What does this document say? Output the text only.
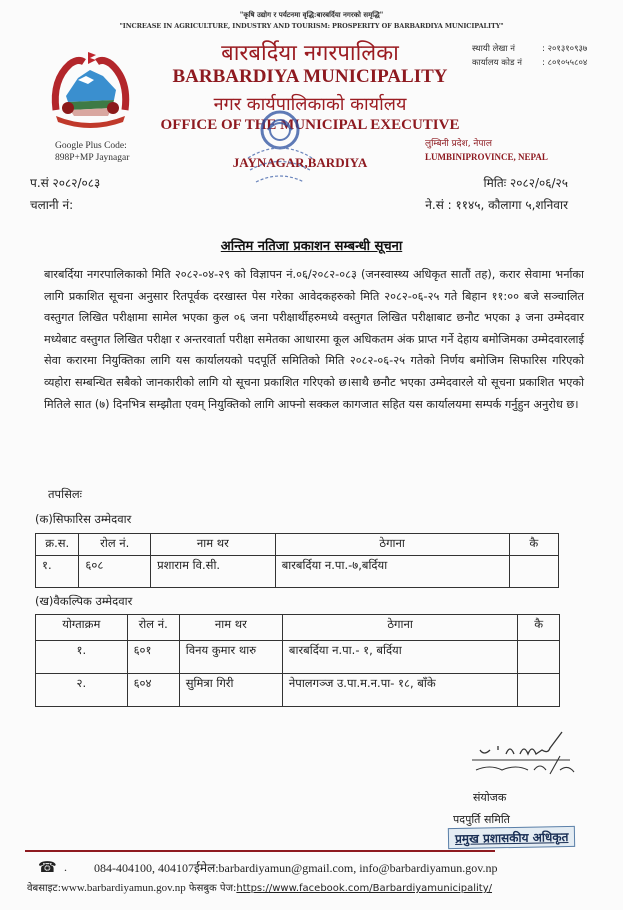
"कृषि उद्योग र पर्यटनमा वृद्धि:बारबर्दिया नगरको समृद्धि"
"INCREASE IN AGRICULTURE, INDUSTRY AND TOURISM: PROSPERITY OF BARBARDIYA MUNICIPALITY"
बारबर्दिया नगरपालिका
BARBARDIYA MUNICIPALITY
नगर कार्यपालिकाको कार्यालय
OFFICE OF THE MUNICIPAL EXECUTIVE
JAYNAGAR,BARDIYA
स्थायी लेखा नं	: २०१३१०९३७
कार्यालय कोड नं	: ८०१०५५८०४
Google Plus Code:
898P+MP Jaynagar
लुम्बिनी प्रदेश, नेपाल
LUMBINIPROVINCE, NEPAL
प.सं २०८२/०८३
चलानी नं:
मितिः २०८२/०६/२५
ने.सं : ११४५, कौलागा ५,शनिवार
अन्तिम नतिजा प्रकाशन सम्बन्धी सूचना
बारबर्दिया नगरपालिकाको मिति २०८२-०४-२९ को विज्ञापन नं.०६/२०८२-०८३ (जनस्वास्थ्य अधिकृत सातौं तह), करार सेवामा भर्नाका लागि प्रकाशित सूचना अनुसार रितपूर्वक दरखास्त पेस गरेका आवेदकहरुको मिति २०८२-०६-२५ गते बिहान ११:०० बजे सञ्चालित वस्तुगत लिखित परीक्षामा सामेल भएका कुल ०६ जना परीक्षार्थीहरुमध्ये वस्तुगत लिखित परीक्षाबाट छनौट भएका ३ जना उम्मेदवार मध्येबाट वस्तुगत लिखित परीक्षा र अन्तरवार्ता परीक्षा समेतका आधारमा कूल अधिकतम अंक प्राप्त गर्ने देहाय बमोजिमका उम्मेदवारलाई सेवा करारमा नियुक्तिका लागि यस कार्यालयको पदपूर्ति समितिको मिति २०८२-०६-२५ गतेको निर्णय बमोजिम सिफारिस गरिएको व्यहोरा सम्बन्धित सबैको जानकारीको लागि यो सूचना प्रकाशित गरिएको छ।साथै छनौट भएका उम्मेदवारले यो सूचना प्रकाशित भएको मितिले सात (७) दिनभित्र सम्झौता एवम् नियुक्तिको लागि आफ्नो सक्कल कागजात सहित यस कार्यालयमा सम्पर्क गर्नुहुन अनुरोध छ।
तपसिलः
(क)सिफारिस उम्मेदवार
क्र.स.	रोल नं.	नाम थर	ठेगाना	कै
१.	६०८	प्रशाराम वि.सी.	बारबर्दिया न.पा.-७,बर्दिया	
(ख)वैकल्पिक उम्मेदवार
योग्ताक्रम	रोल नं.	नाम थर	ठेगाना	कै
१.	६०१	विनय कुमार थारु	बारबर्दिया न.पा.- १, बर्दिया	
२.	६०४	सुमित्रा गिरी	नेपालगञ्ज उ.पा.म.न.पा- १८, बाँके	
संयोजक
पदपुर्ति समिति
प्रमुख प्रशासकीय अधिकृत
☎ .	084-404100, 404107ईमेल:barbardiyamun@gmail.com, info@barbardiyamun.gov.np
वेबसाइट:www.barbardiyamun.gov.np फेसबुक पेज:https://www.facebook.com/Barbardiyamunicipality/
